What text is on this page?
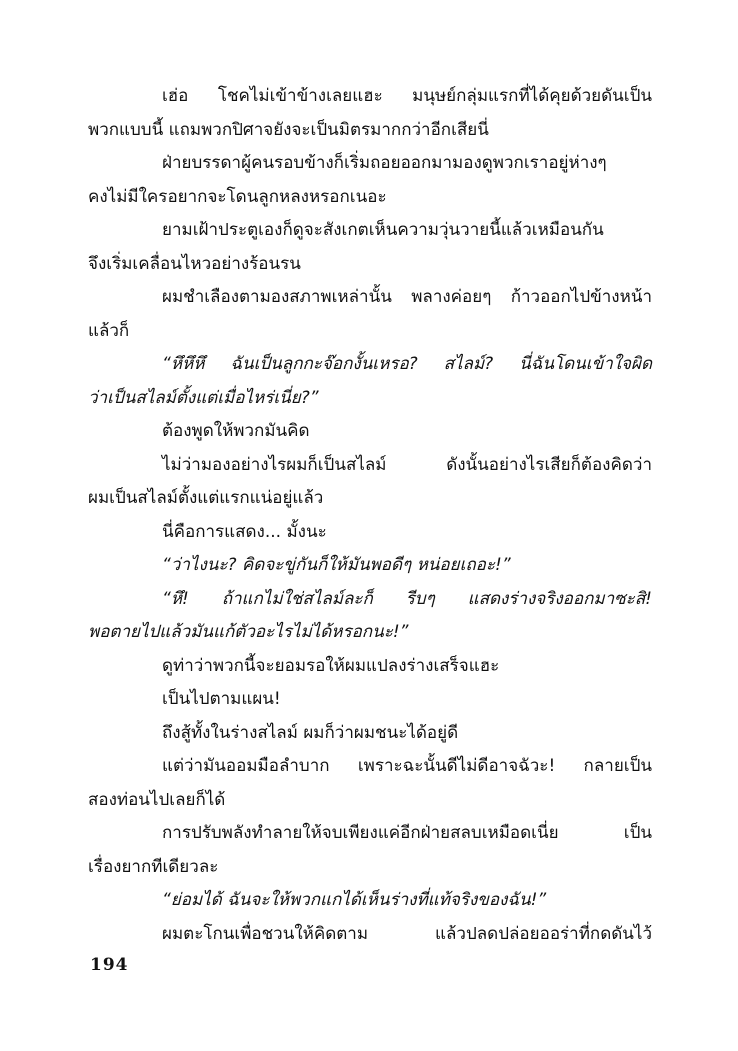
เฮ่อ โชคไม่เข้าข้างเลยแฮะ มนุษย์กลุ่มแรกที่ได้คุยด้วยดันเป็น
พวกแบบนี้ แถมพวกปิศาจยังจะเป็นมิตรมากกว่าอีกเสียนี่
ฝ่ายบรรดาผู้คนรอบข้างก็เริ่มถอยออกมามองดูพวกเราอยู่ห่างๆ
คงไม่มีใครอยากจะโดนลูกหลงหรอกเนอะ
ยามเฝ้าประตูเองก็ดูจะสังเกตเห็นความวุ่นวายนี้แล้วเหมือนกัน
จึงเริ่มเคลื่อนไหวอย่างร้อนรน
ผมชำเลืองตามองสภาพเหล่านั้น พลางค่อยๆ ก้าวออกไปข้างหน้า
แล้วก็
“หึหึหึ ฉันเป็นลูกกะจ๊อกงั้นเหรอ? สไลม์? นี่ฉันโดนเข้าใจผิด
ว่าเป็นสไลม์ตั้งแต่เมื่อไหร่เนี่ย?”
ต้องพูดให้พวกมันคิด
ไม่ว่ามองอย่างไรผมก็เป็นสไลม์ ดังนั้นอย่างไรเสียก็ต้องคิดว่า
ผมเป็นสไลม์ตั้งแต่แรกแน่อยู่แล้ว
นี่คือการแสดง... มั้งนะ
“ว่าไงนะ? คิดจะขู่กันก็ให้มันพอดีๆ หน่อยเถอะ!”
“หึ! ถ้าแกไม่ใช่สไลม์ละก็ รีบๆ แสดงร่างจริงออกมาซะสิ!
พอตายไปแล้วมันแก้ตัวอะไรไม่ได้หรอกนะ!”
ดูท่าว่าพวกนี้จะยอมรอให้ผมแปลงร่างเสร็จแฮะ
เป็นไปตามแผน!
ถึงสู้ทั้งในร่างสไลม์ ผมก็ว่าผมชนะได้อยู่ดี
แต่ว่ามันออมมือลำบาก เพราะฉะนั้นดีไม่ดีอาจฉัวะ! กลายเป็น
สองท่อนไปเลยก็ได้
การปรับพลังทำลายให้จบเพียงแค่อีกฝ่ายสลบเหมือดเนี่ย เป็น
เรื่องยากทีเดียวละ
“ย่อมได้ ฉันจะให้พวกแกได้เห็นร่างที่แท้จริงของฉัน!”
ผมตะโกนเพื่อชวนให้คิดตาม แล้วปลดปล่อยออร่าที่กดดันไว้
194
